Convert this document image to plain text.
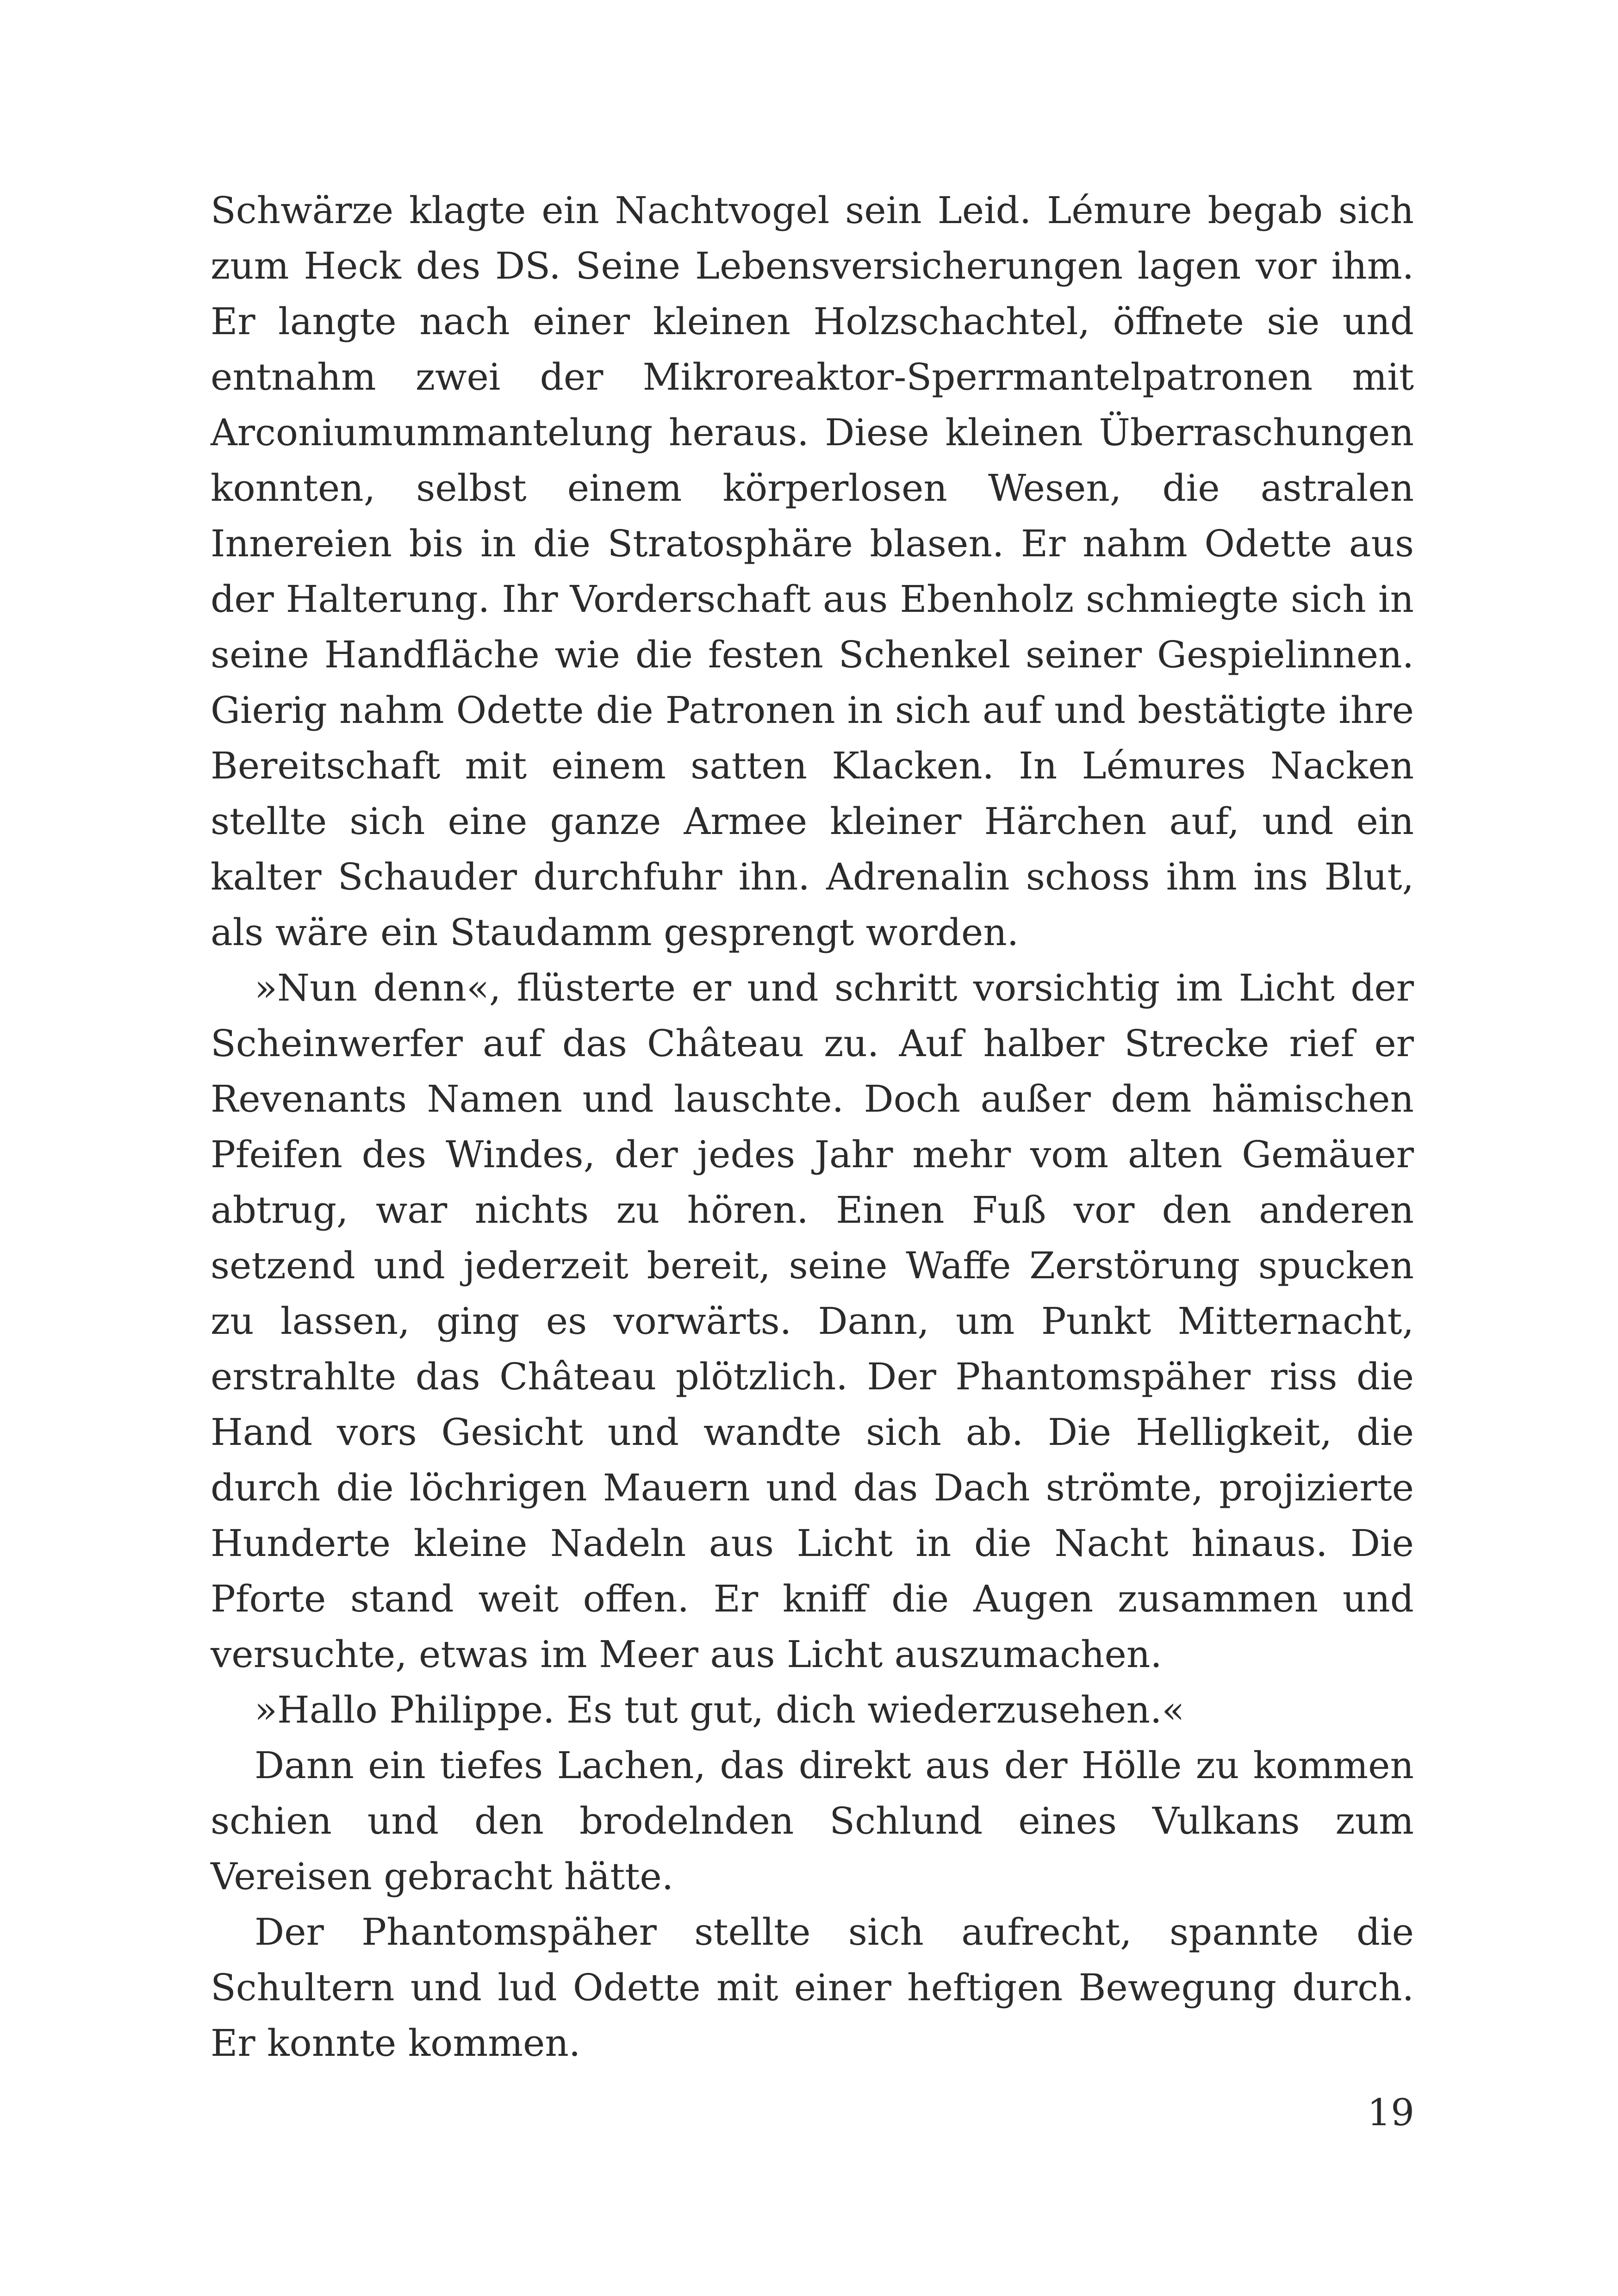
Schwärze klagte ein Nachtvogel sein Leid. Lémure begab sich zum Heck des DS. Seine Lebensversicherungen lagen vor ihm. Er langte nach einer kleinen Holzschachtel, öffnete sie und entnahm zwei der Mikroreaktor-Sperrmantelpatronen mit Arconiumummantelung heraus. Diese kleinen Überraschungen konnten, selbst einem körperlosen Wesen, die astralen Innereien bis in die Stratosphäre blasen. Er nahm Odette aus der Halterung. Ihr Vorderschaft aus Ebenholz schmiegte sich in seine Handfläche wie die festen Schenkel seiner Gespielinnen. Gierig nahm Odette die Patronen in sich auf und bestätigte ihre Bereitschaft mit einem satten Klacken. In Lémures Nacken stellte sich eine ganze Armee kleiner Härchen auf, und ein kalter Schauder durchfuhr ihn. Adrenalin schoss ihm ins Blut, als wäre ein Staudamm gesprengt worden.

»Nun denn«, flüsterte er und schritt vorsichtig im Licht der Scheinwerfer auf das Château zu. Auf halber Strecke rief er Revenants Namen und lauschte. Doch außer dem hämischen Pfeifen des Windes, der jedes Jahr mehr vom alten Gemäuer abtrug, war nichts zu hören. Einen Fuß vor den anderen setzend und jederzeit bereit, seine Waffe Zerstörung spucken zu lassen, ging es vorwärts. Dann, um Punkt Mitternacht, erstrahlte das Château plötzlich. Der Phantomspäher riss die Hand vors Gesicht und wandte sich ab. Die Helligkeit, die durch die löchrigen Mauern und das Dach strömte, projizierte Hunderte kleine Nadeln aus Licht in die Nacht hinaus. Die Pforte stand weit offen. Er kniff die Augen zusammen und versuchte, etwas im Meer aus Licht auszumachen.

»Hallo Philippe. Es tut gut, dich wiederzusehen.«

Dann ein tiefes Lachen, das direkt aus der Hölle zu kommen schien und den brodelnden Schlund eines Vulkans zum Vereisen gebracht hätte.

Der Phantomspäher stellte sich aufrecht, spannte die Schultern und lud Odette mit einer heftigen Bewegung durch. Er konnte kommen.

19
